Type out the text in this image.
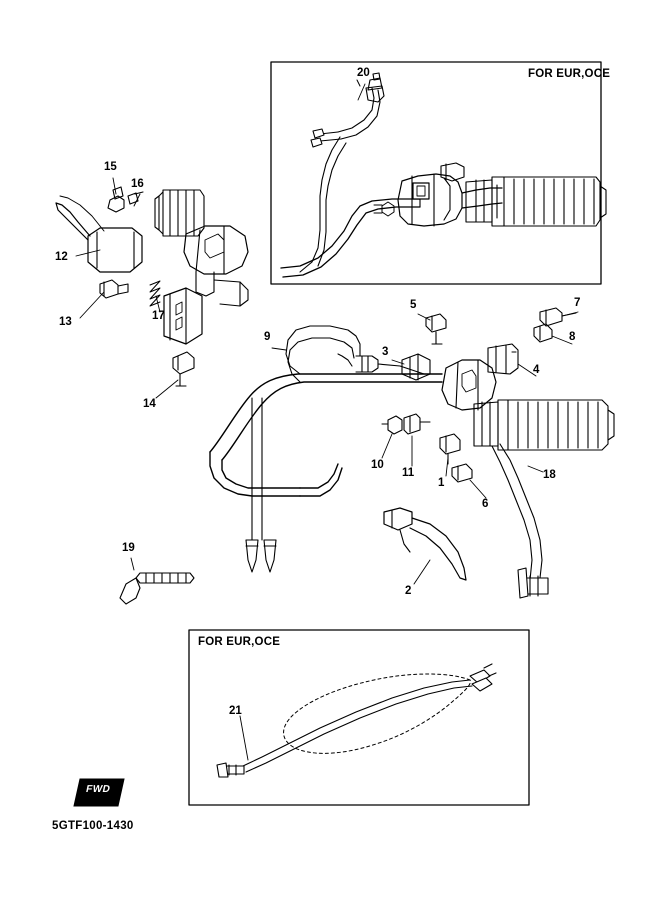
FOR EUR,OCE
FOR EUR,OCE
1
2
3
4
5
6
7
8
9
10
11
12
13
14
15
16
17
18
19
20
21
FWD
5GTF100-1430
